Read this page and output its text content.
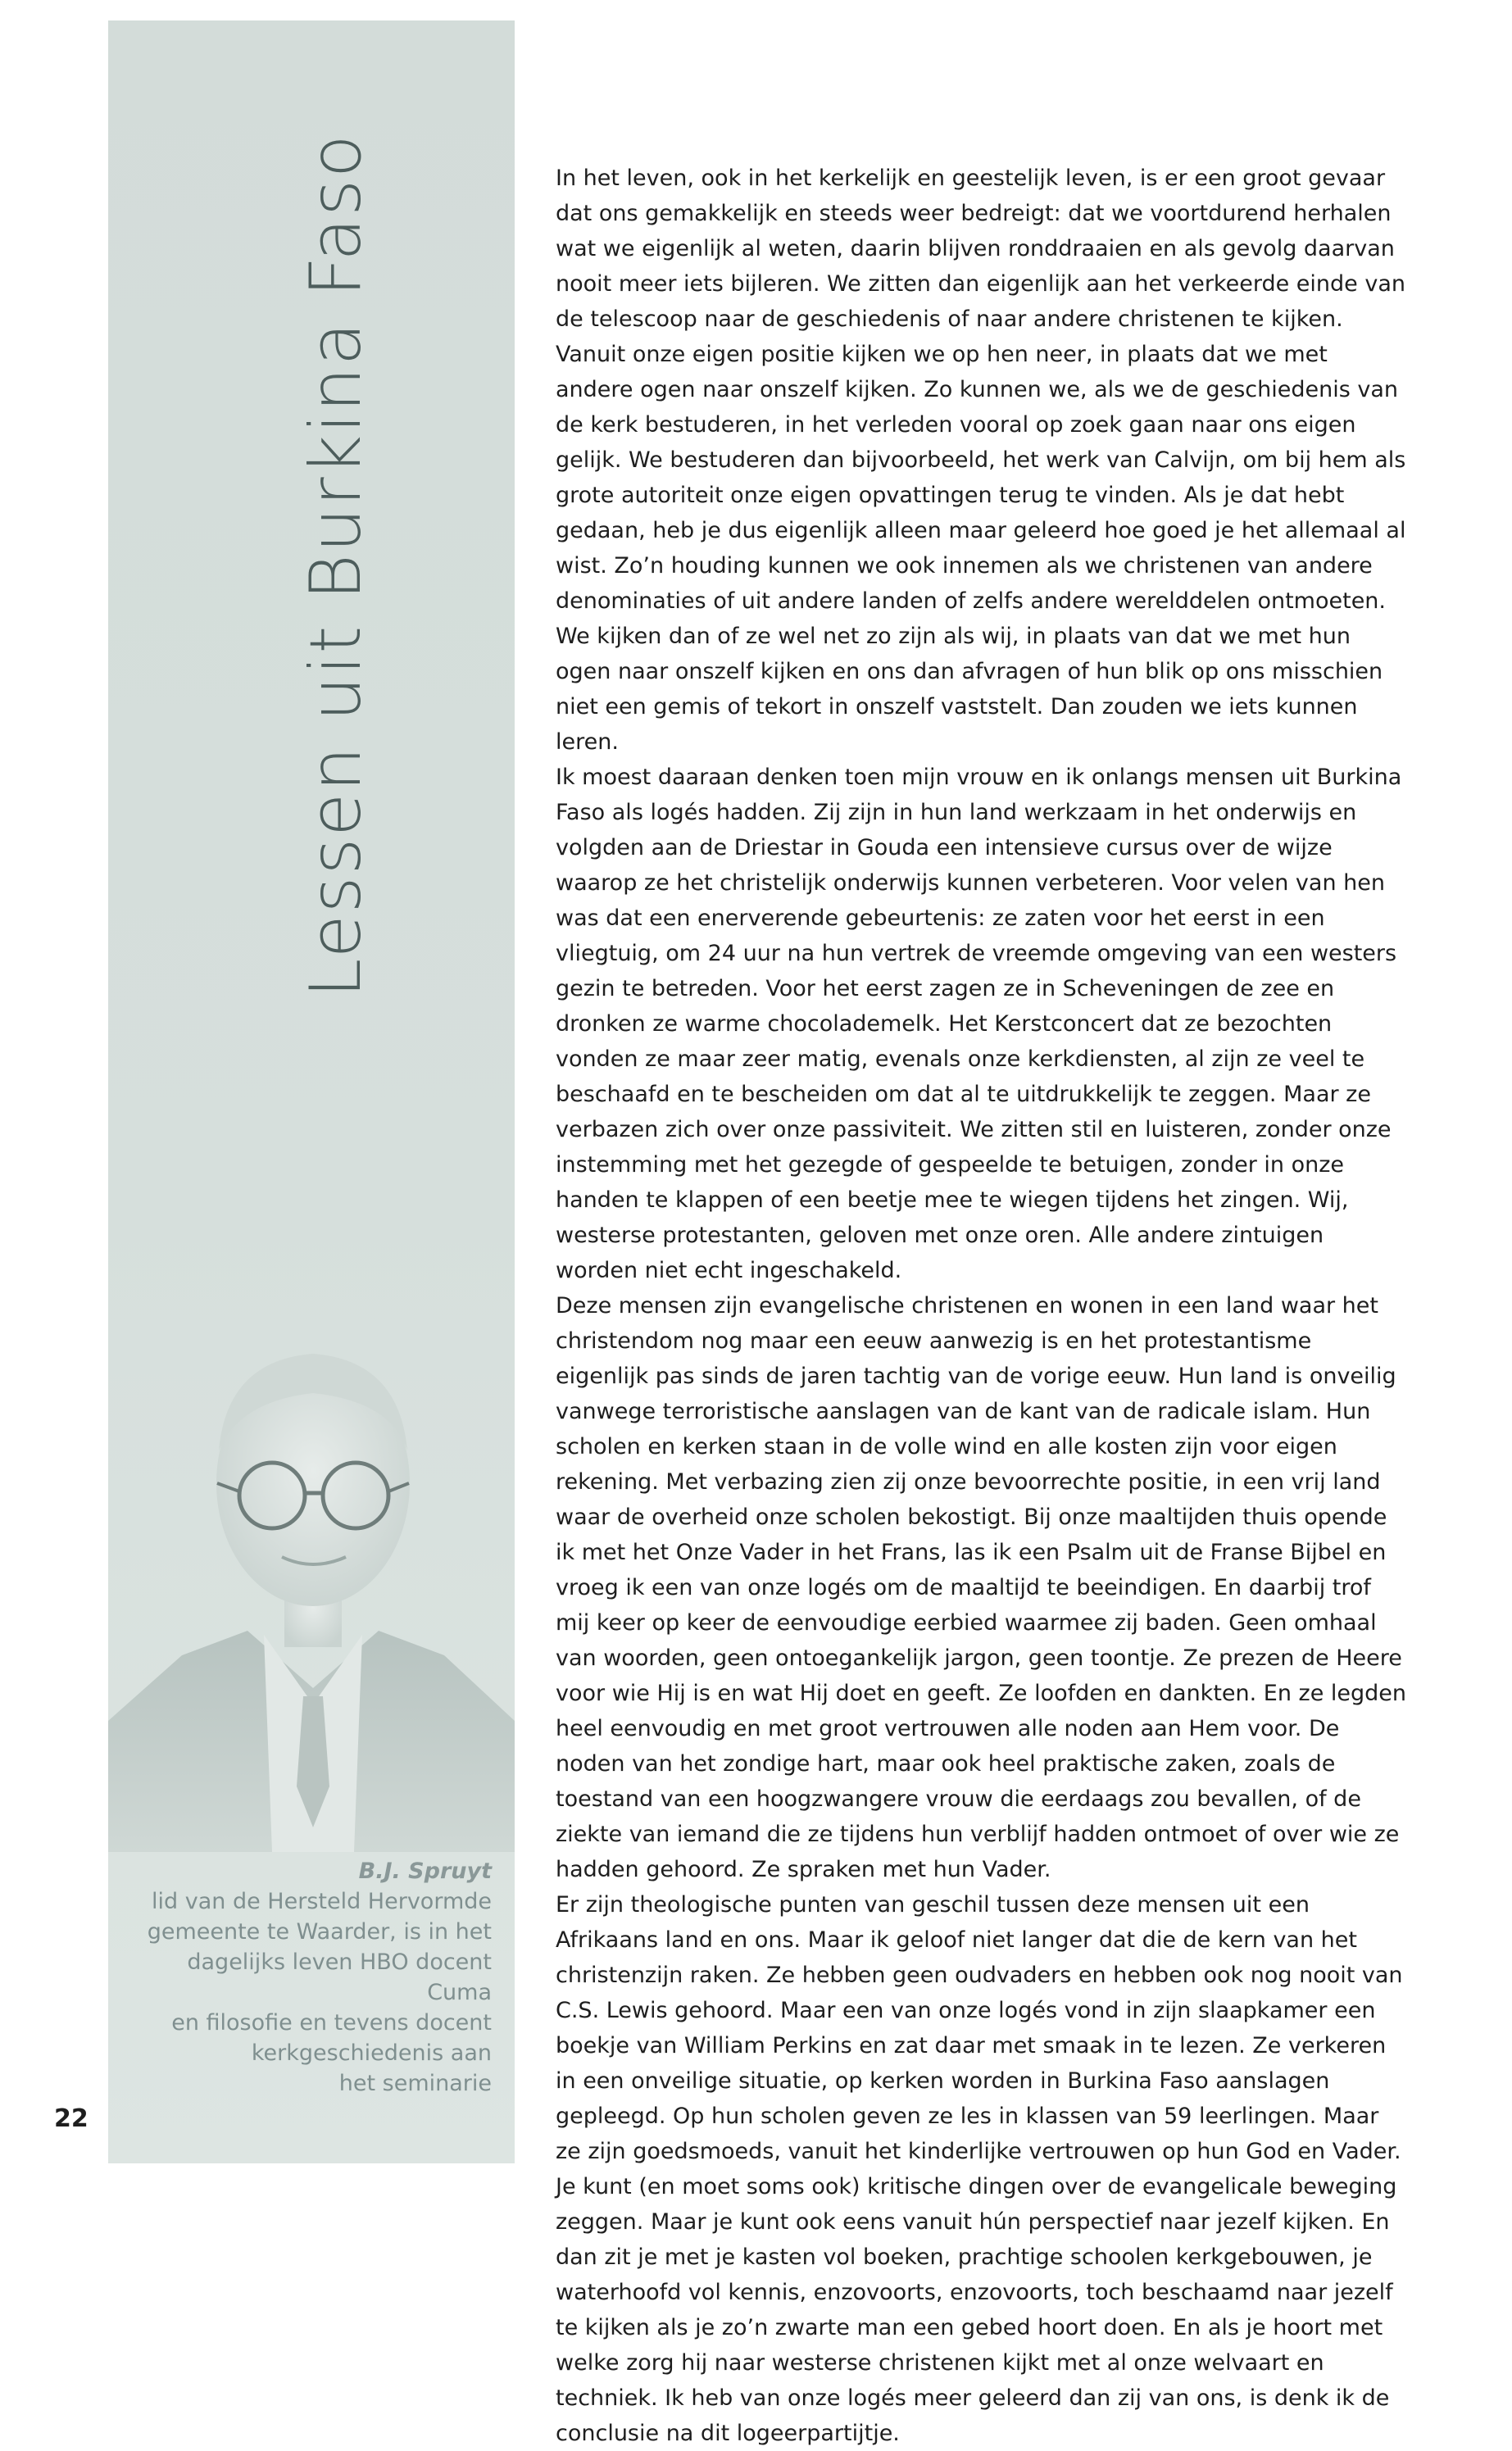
Lessen uit Burkina Faso
B.J. Spruyt
lid van de Hersteld Hervormde
gemeente te Waarder, is in het
dagelijks leven HBO docent Cuma
en filosofie en tevens docent
kerkgeschiedenis aan
het seminarie
22

In het leven, ook in het kerkelijk en geestelijk leven, is er een groot gevaar dat ons gemakkelijk en steeds weer bedreigt: dat we voortdurend herhalen wat we eigenlijk al weten, daarin blijven ronddraaien en als gevolg daarvan nooit meer iets bijleren. We zitten dan eigenlijk aan het verkeerde einde van de telescoop naar de geschiedenis of naar andere christenen te kijken. Vanuit onze eigen positie kijken we op hen neer, in plaats dat we met andere ogen naar onszelf kijken. Zo kunnen we, als we de geschiedenis van de kerk bestuderen, in het verleden vooral op zoek gaan naar ons eigen gelijk. We bestuderen dan bijvoorbeeld, het werk van Calvijn, om bij hem als grote autoriteit onze eigen opvattingen terug te vinden. Als je dat hebt gedaan, heb je dus eigenlijk alleen maar geleerd hoe goed je het allemaal al wist. Zo’n houding kunnen we ook innemen als we christenen van andere denominaties of uit andere landen of zelfs andere werelddelen ontmoeten. We kijken dan of ze wel net zo zijn als wij, in plaats van dat we met hun ogen naar onszelf kijken en ons dan afvragen of hun blik op ons misschien niet een gemis of tekort in onszelf vaststelt. Dan zouden we iets kunnen leren.

Ik moest daaraan denken toen mijn vrouw en ik onlangs mensen uit Burkina Faso als logés hadden. Zij zijn in hun land werkzaam in het onderwijs en volgden aan de Driestar in Gouda een intensieve cursus over de wijze waarop ze het christelijk onderwijs kunnen verbeteren. Voor velen van hen was dat een enerverende gebeurtenis: ze zaten voor het eerst in een vliegtuig, om 24 uur na hun vertrek de vreemde omgeving van een westers gezin te betreden. Voor het eerst zagen ze in Scheveningen de zee en dronken ze warme chocolademelk. Het Kerstconcert dat ze bezochten vonden ze maar zeer matig, evenals onze kerkdiensten, al zijn ze veel te beschaafd en te bescheiden om dat al te uitdrukkelijk te zeggen. Maar ze verbazen zich over onze passiviteit. We zitten stil en luisteren, zonder onze instemming met het gezegde of gespeelde te betuigen, zonder in onze handen te klappen of een beetje mee te wiegen tijdens het zingen. Wij, westerse protestanten, geloven met onze oren. Alle andere zintuigen worden niet echt ingeschakeld.

Deze mensen zijn evangelische christenen en wonen in een land waar het christendom nog maar een eeuw aanwezig is en het protestantisme eigenlijk pas sinds de jaren tachtig van de vorige eeuw. Hun land is onveilig vanwege terroristische aanslagen van de kant van de radicale islam. Hun scholen en kerken staan in de volle wind en alle kosten zijn voor eigen rekening. Met verbazing zien zij onze bevoorrechte positie, in een vrij land waar de overheid onze scholen bekostigt. Bij onze maaltijden thuis opende ik met het Onze Vader in het Frans, las ik een Psalm uit de Franse Bijbel en vroeg ik een van onze logés om de maaltijd te beeindigen. En daarbij trof mij keer op keer de eenvoudige eerbied waarmee zij baden. Geen omhaal van woorden, geen ontoegankelijk jargon, geen toontje. Ze prezen de Heere voor wie Hij is en wat Hij doet en geeft. Ze loofden en dankten. En ze legden heel eenvoudig en met groot vertrouwen alle noden aan Hem voor. De noden van het zondige hart, maar ook heel praktische zaken, zoals de toestand van een hoogzwangere vrouw die eerdaags zou bevallen, of de ziekte van iemand die ze tijdens hun verblijf hadden ontmoet of over wie ze hadden gehoord. Ze spraken met hun Vader.

Er zijn theologische punten van geschil tussen deze mensen uit een Afrikaans land en ons. Maar ik geloof niet langer dat die de kern van het christenzijn raken. Ze hebben geen oudvaders en hebben ook nog nooit van C.S. Lewis gehoord. Maar een van onze logés vond in zijn slaapkamer een boekje van William Perkins en zat daar met smaak in te lezen. Ze verkeren in een onveilige situatie, op kerken worden in Burkina Faso aanslagen gepleegd. Op hun scholen geven ze les in klassen van 59 leerlingen. Maar ze zijn goedsmoeds, vanuit het kinderlijke vertrouwen op hun God en Vader. Je kunt (en moet soms ook) kritische dingen over de evangelicale beweging zeggen. Maar je kunt ook eens vanuit hún perspectief naar jezelf kijken. En dan zit je met je kasten vol boeken, prachtige schoolen kerkgebouwen, je waterhoofd vol kennis, enzovoorts, enzovoorts, toch beschaamd naar jezelf te kijken als je zo’n zwarte man een gebed hoort doen. En als je hoort met welke zorg hij naar westerse christenen kijkt met al onze welvaart en techniek. Ik heb van onze logés meer geleerd dan zij van ons, is denk ik de conclusie na dit logeerpartijtje.
